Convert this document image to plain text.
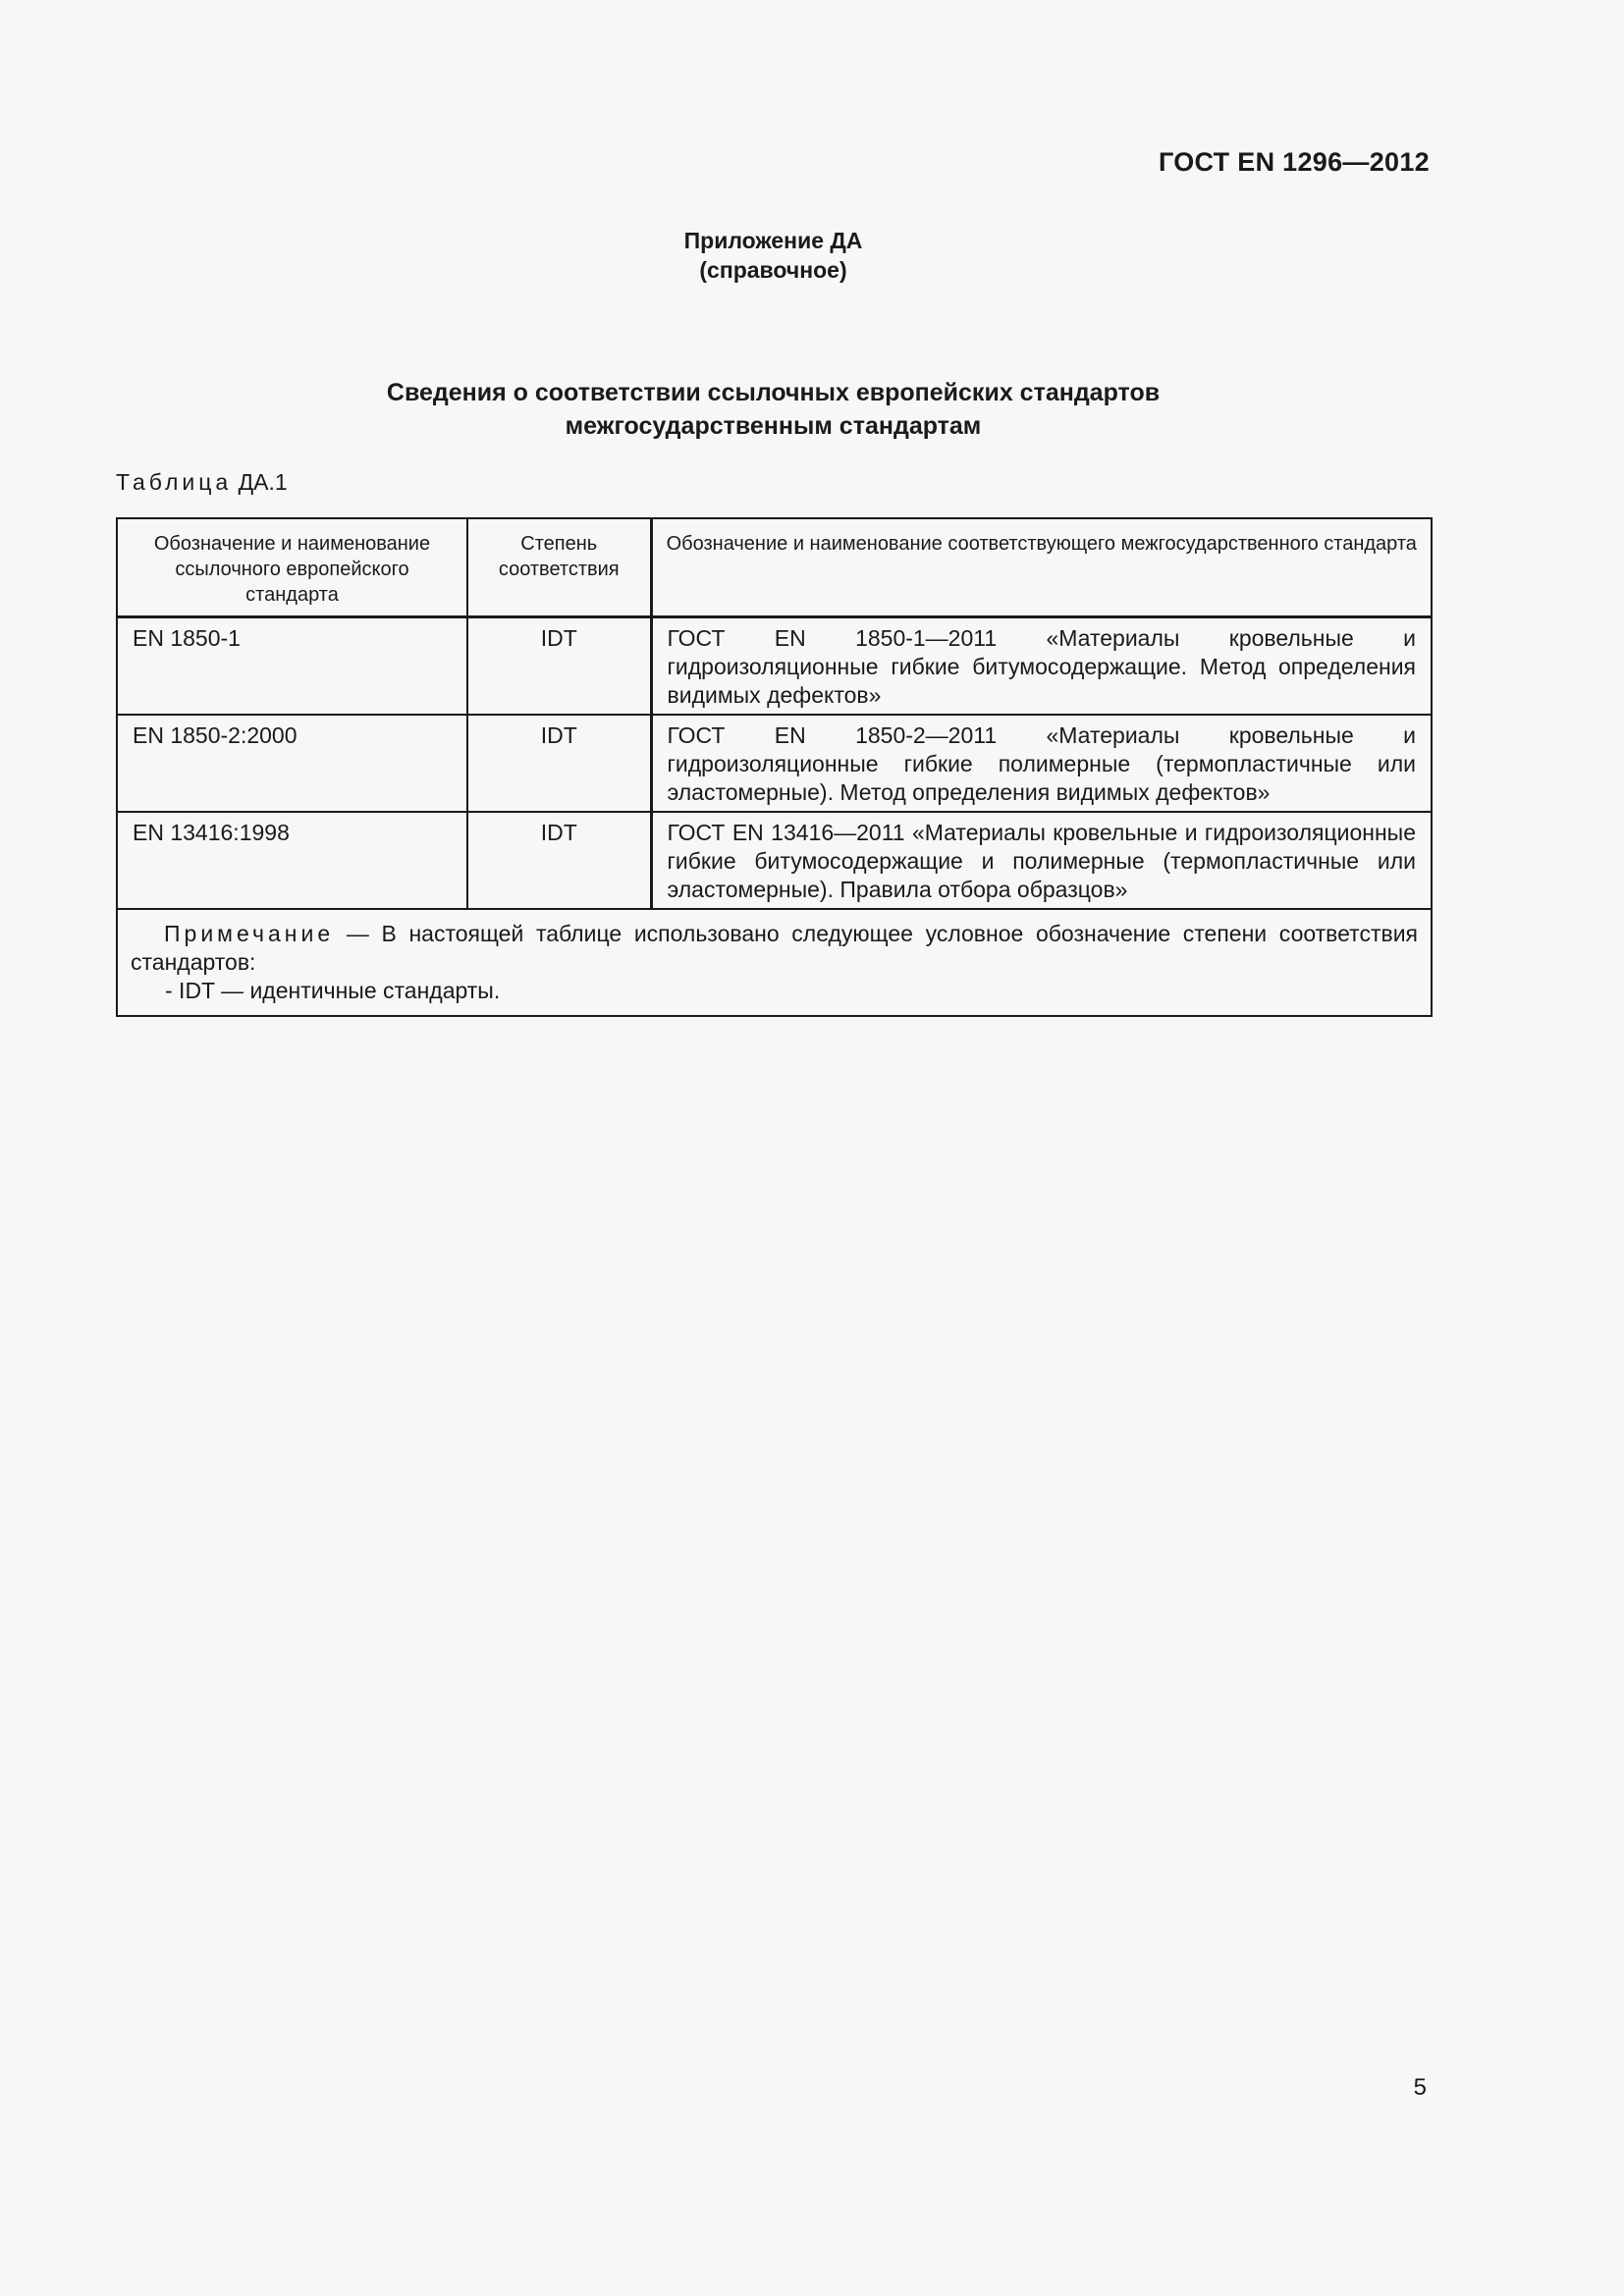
ГОСТ EN 1296—2012
Приложение ДА
(справочное)
Сведения о соответствии ссылочных европейских стандартов
межгосударственным стандартам
Таблица ДА.1
Обозначение и наименование ссылочного европейского стандарта	Степень соответствия	Обозначение и наименование соответствующего межгосударственного стандарта
EN 1850-1	IDT	ГОСТ EN 1850-1—2011 «Материалы кровельные и гидроизоляционные гибкие битумосодержащие. Метод определения видимых дефектов»
EN 1850-2:2000	IDT	ГОСТ EN 1850-2—2011 «Материалы кровельные и гидроизоляционные гибкие полимерные (термопластичные или эластомерные). Метод определения видимых дефектов»
EN 13416:1998	IDT	ГОСТ EN 13416—2011 «Материалы кровельные и гидроизоляционные гибкие битумосодержащие и полимерные (термопластичные или эластомерные). Правила отбора образцов»
Примечание — В настоящей таблице использовано следующее условное обозначение степени соответствия стандартов:
- IDT — идентичные стандарты.		
5
